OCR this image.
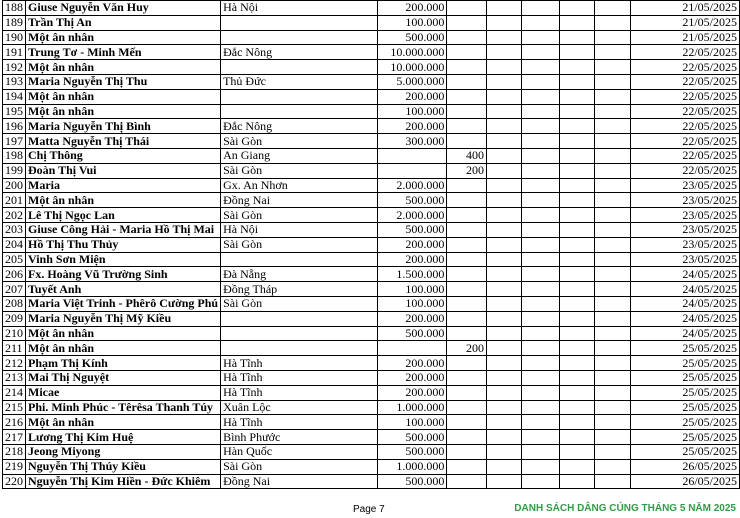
188	Giuse Nguyễn Văn Huy	Hà Nội	200.000						21/05/2025
189	Trần Thị An		100.000						21/05/2025
190	Một ân nhân		500.000						21/05/2025
191	Trung Tơ - Minh Mến	Đắc Nông	10.000.000						22/05/2025
192	Một ân nhân		10.000.000						22/05/2025
193	Maria Nguyễn Thị Thu	Thủ Đức	5.000.000						22/05/2025
194	Một ân nhân		200.000						22/05/2025
195	Một ân nhân		100.000						22/05/2025
196	Maria Nguyễn Thị Bình	Đắc Nông	200.000						22/05/2025
197	Matta Nguyễn Thị Thái	Sài Gòn	300.000						22/05/2025
198	Chị Thông	An Giang		400					22/05/2025
199	Đoàn Thị Vui	Sài Gòn		200					22/05/2025
200	Maria	Gx. An Nhơn	2.000.000						23/05/2025
201	Một ân nhân	Đồng Nai	500.000						23/05/2025
202	Lê Thị Ngọc Lan	Sài Gòn	2.000.000						23/05/2025
203	Giuse Công Hải - Maria Hồ Thị Mai	Hà Nội	500.000						23/05/2025
204	Hồ Thị Thu Thủy	Sài Gòn	200.000						23/05/2025
205	Vinh Sơn Miện		200.000						23/05/2025
206	Fx. Hoàng Vũ Trường Sinh	Đà Nẵng	1.500.000						24/05/2025
207	Tuyết Anh	Đồng Tháp	100.000						24/05/2025
208	Maria Việt Trinh - Phêrô Cường Phú	Sài Gòn	100.000						24/05/2025
209	Maria Nguyễn Thị Mỹ Kiều		200.000						24/05/2025
210	Một ân nhân		500.000						24/05/2025
211	Một ân nhân			200					25/05/2025
212	Phạm Thị Kính	Hà Tĩnh	200.000						25/05/2025
213	Mai Thị Nguyệt	Hà Tĩnh	200.000						25/05/2025
214	Micae	Hà Tĩnh	200.000						25/05/2025
215	Phi. Minh Phúc - Têrêsa Thanh Túy	Xuân Lộc	1.000.000						25/05/2025
216	Một ân nhân	Hà Tĩnh	100.000						25/05/2025
217	Lương Thị Kim Huệ	Bình Phước	500.000						25/05/2025
218	Jeong Miyong	Hàn Quốc	500.000						25/05/2025
219	Nguyễn Thị Thúy Kiều	Sài Gòn	1.000.000						26/05/2025
220	Nguyễn Thị Kim Hiền - Đức Khiêm	Đồng Nai	500.000						26/05/2025
Page 7	DANH SÁCH DÂNG CÚNG THÁNG 5 NĂM 2025
